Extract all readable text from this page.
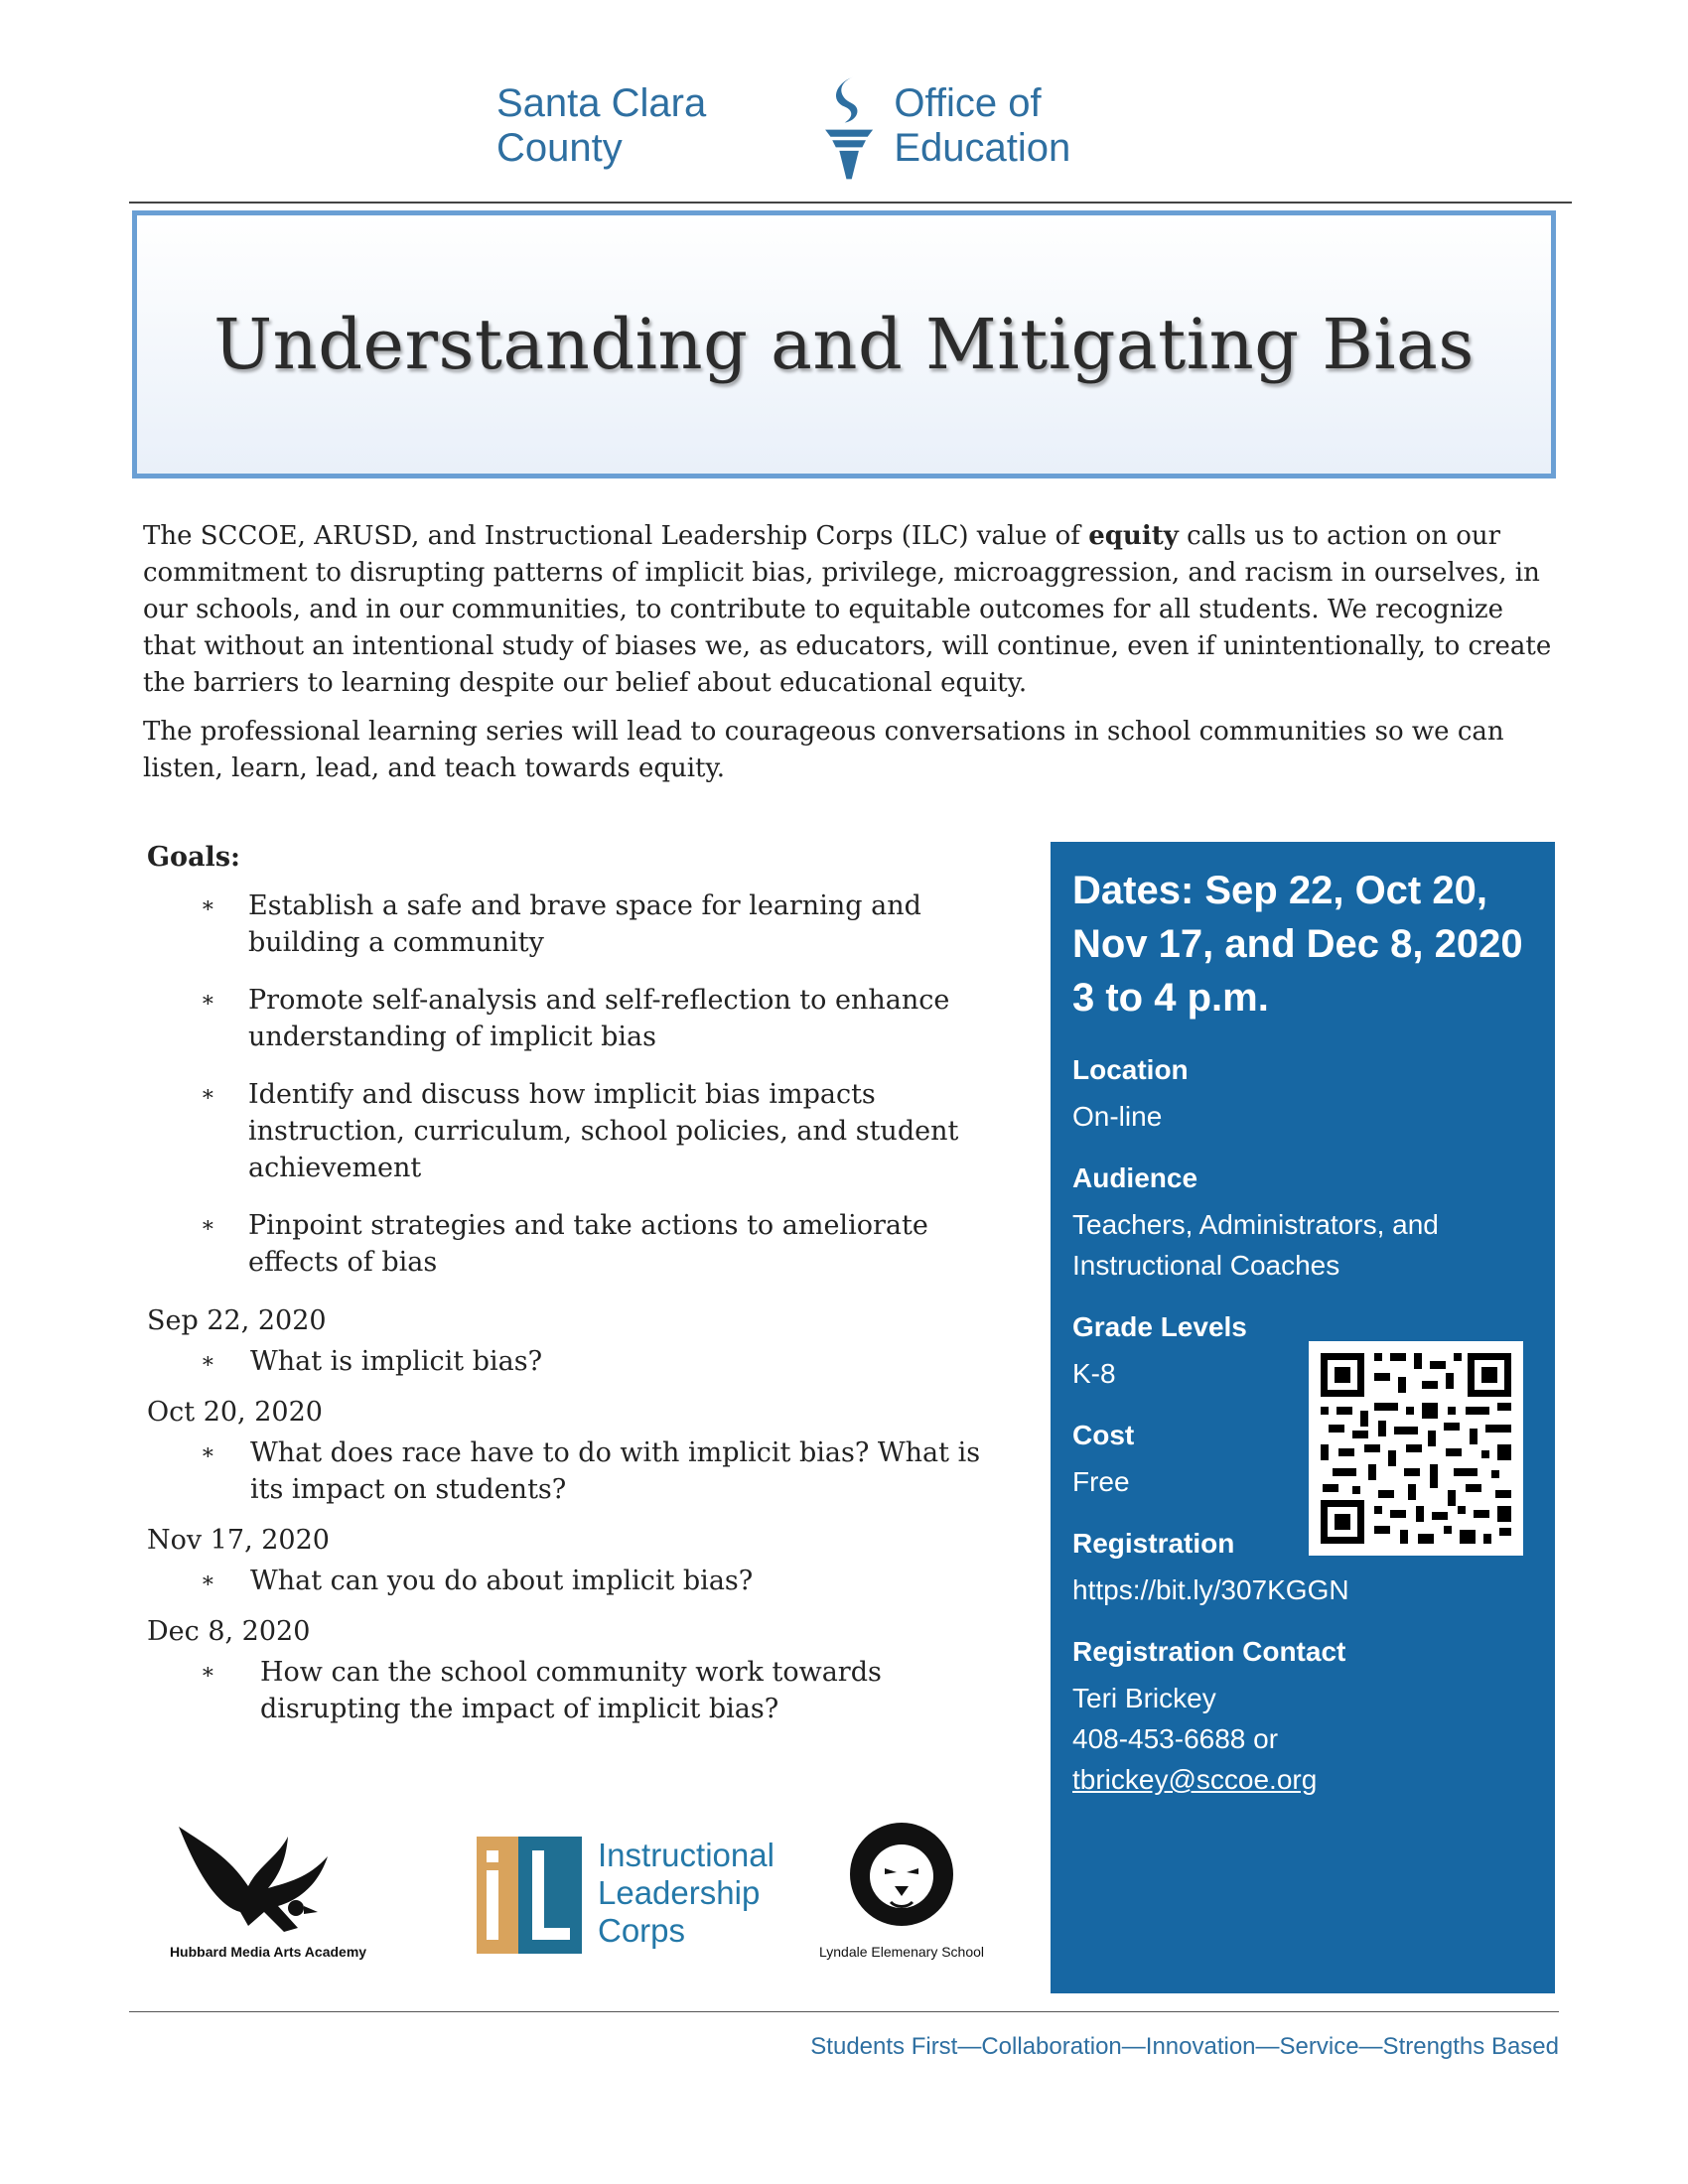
Santa Clara County
Office of Education
Understanding and Mitigating Bias

The SCCOE, ARUSD, and Instructional Leadership Corps (ILC) value of equity calls us to action on our commitment to disrupting patterns of implicit bias, privilege, microaggression, and racism in ourselves, in our schools, and in our communities, to contribute to equitable outcomes for all students. We recognize that without an intentional study of biases we, as educators, will continue, even if unintentionally, to create the barriers to learning despite our belief about educational equity.

The professional learning series will lead to courageous conversations in school communities so we can listen, learn, lead, and teach towards equity.

Goals:
∗ Establish a safe and brave space for learning and building a community
∗ Promote self-analysis and self-reflection to enhance understanding of implicit bias
∗ Identify and discuss how implicit bias impacts instruction, curriculum, school policies, and student achievement
∗ Pinpoint strategies and take actions to ameliorate effects of bias
Sep 22, 2020
∗ What is implicit bias?
Oct 20, 2020
∗ What does race have to do with implicit bias? What is its impact on students?
Nov 17, 2020
∗ What can you do about implicit bias?
Dec 8, 2020
∗ How can the school community work towards disrupting the impact of implicit bias?
Dates: Sep 22, Oct 20, Nov 17, and Dec 8, 2020 3 to 4 p.m.
Location
On-line
Audience
Teachers, Administrators, and Instructional Coaches
Grade Levels
K-8
Cost
Free
Registration
https://bit.ly/307KGGN
Registration Contact
Teri Brickey
408-453-6688 or
tbrickey@sccoe.org
Hubbard Media Arts Academy
Instructional
Leadership
Corps
Lyndale Elemenary School
Students First—Collaboration—Innovation—Service—Strengths Based
